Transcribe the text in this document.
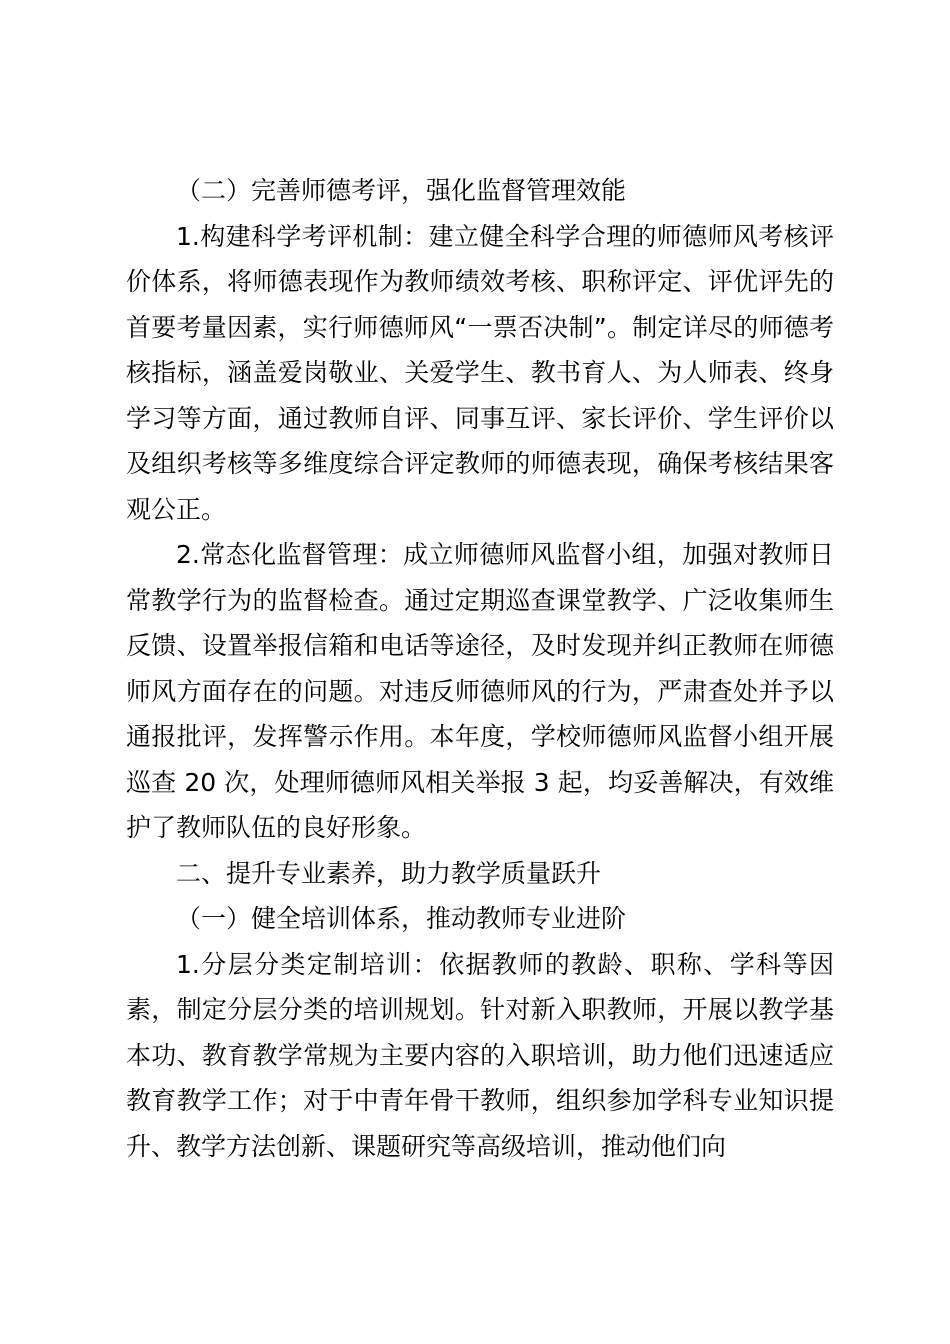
（二）完善师德考评，强化监督管理效能

1.构建科学考评机制：建立健全科学合理的师德师风考核评价体系，将师德表现作为教师绩效考核、职称评定、评优评先的首要考量因素，实行师德师风“一票否决制”。制定详尽的师德考核指标，涵盖爱岗敬业、关爱学生、教书育人、为人师表、终身学习等方面，通过教师自评、同事互评、家长评价、学生评价以及组织考核等多维度综合评定教师的师德表现，确保考核结果客观公正。

2.常态化监督管理：成立师德师风监督小组，加强对教师日常教学行为的监督检查。通过定期巡查课堂教学、广泛收集师生反馈、设置举报信箱和电话等途径，及时发现并纠正教师在师德师风方面存在的问题。对违反师德师风的行为，严肃查处并予以通报批评，发挥警示作用。本年度，学校师德师风监督小组开展巡查 20 次，处理师德师风相关举报 3 起，均妥善解决，有效维护了教师队伍的良好形象。

二、提升专业素养，助力教学质量跃升

（一）健全培训体系，推动教师专业进阶

1.分层分类定制培训：依据教师的教龄、职称、学科等因素，制定分层分类的培训规划。针对新入职教师，开展以教学基本功、教育教学常规为主要内容的入职培训，助力他们迅速适应教育教学工作；对于中青年骨干教师，组织参加学科专业知识提升、教学方法创新、课题研究等高级培训，推动他们向
